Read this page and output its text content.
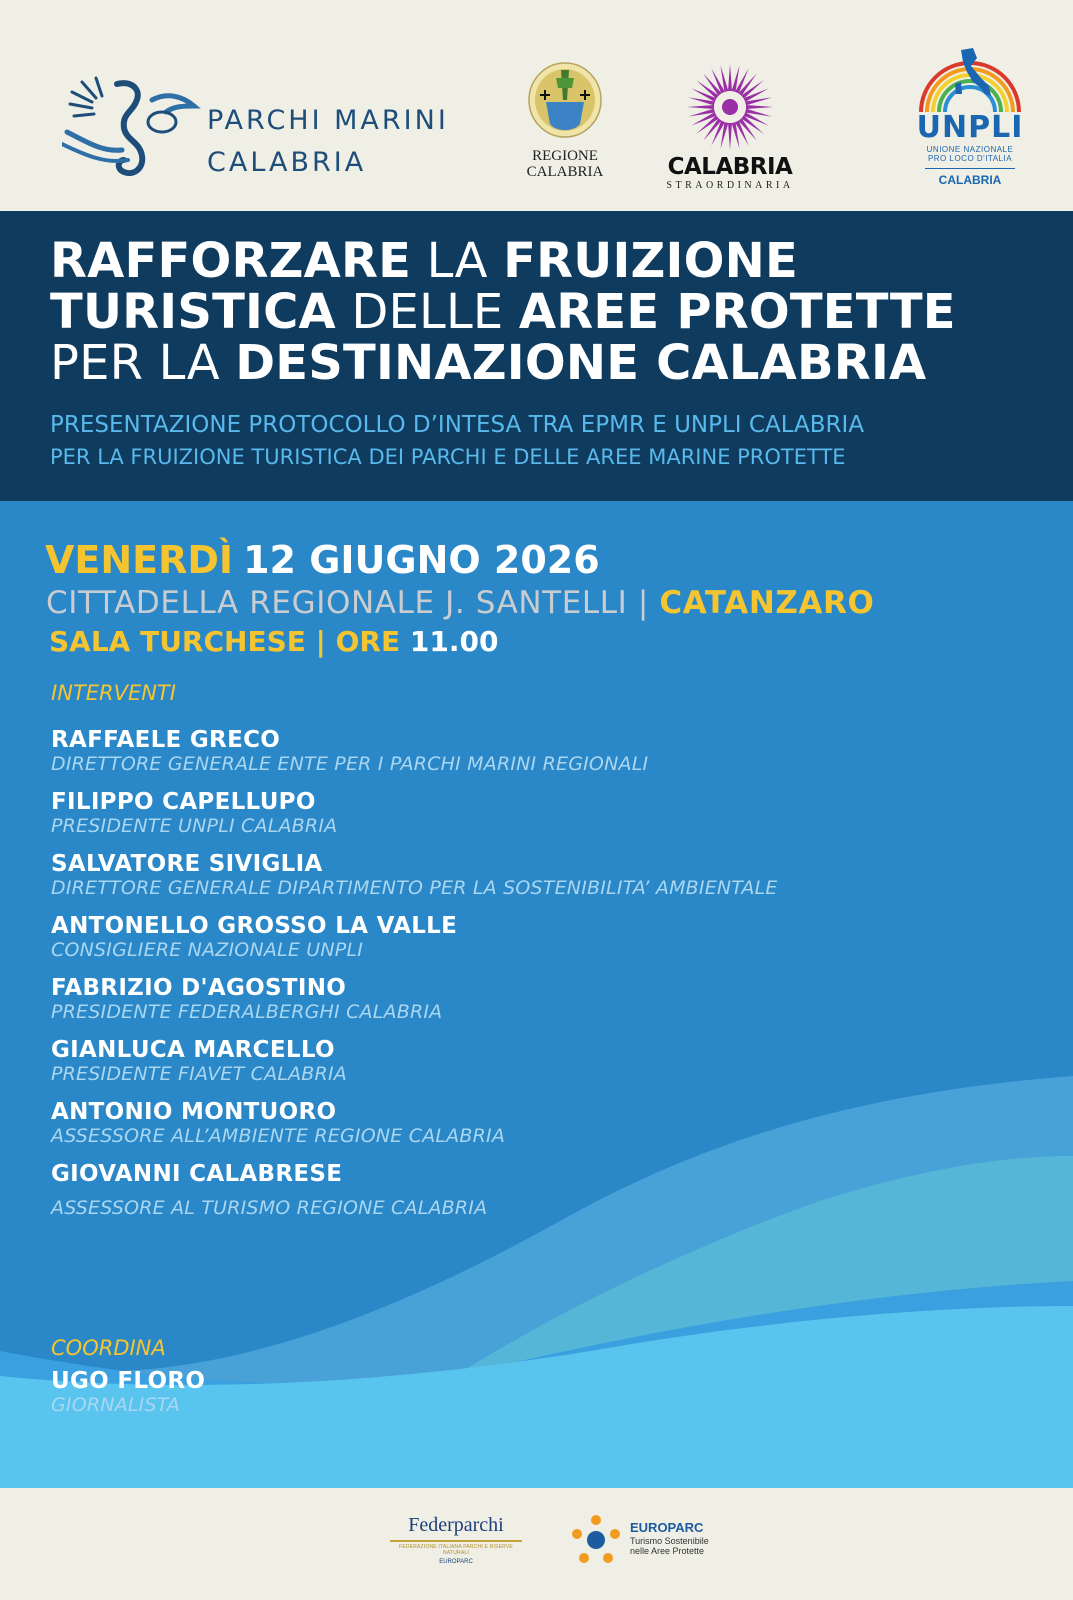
PARCHI MARINI
CALABRIA	REGIONE
CALABRIA	CALABRIA
STRAORDINARIA
UNPLI
UNIONE NAZIONALE
PRO LOCO D'ITALIA
CALABRIA
RAFFORZARE LA FRUIZIONE
TURISTICA DELLE AREE PROTETTE
PER LA DESTINAZIONE CALABRIA
PRESENTAZIONE PROTOCOLLO D’INTESA TRA EPMR E UNPLI CALABRIA
PER LA FRUIZIONE TURISTICA DEI PARCHI E DELLE AREE MARINE PROTETTE
VENERDÌ 12 GIUGNO 2026
CITTADELLA REGIONALE J. SANTELLI | CATANZARO
SALA TURCHESE | ORE 11.00
INTERVENTI
RAFFAELE GRECO
DIRETTORE GENERALE ENTE PER I PARCHI MARINI REGIONALI
FILIPPO CAPELLUPO
PRESIDENTE UNPLI CALABRIA
SALVATORE SIVIGLIA
DIRETTORE GENERALE DIPARTIMENTO PER LA SOSTENIBILITA’ AMBIENTALE
ANTONELLO GROSSO LA VALLE
CONSIGLIERE NAZIONALE UNPLI
FABRIZIO D'AGOSTINO
PRESIDENTE FEDERALBERGHI CALABRIA
GIANLUCA MARCELLO
PRESIDENTE FIAVET CALABRIA
ANTONIO MONTUORO
ASSESSORE ALL’AMBIENTE REGIONE CALABRIA
GIOVANNI CALABRESE
ASSESSORE AL TURISMO REGIONE CALABRIA
COORDINA
UGO FLORO
GIORNALISTA
Federparchi
FEDERAZIONE ITALIANA PARCHI E RISERVE NATURALI
EUROPARC
EUROPARC
Turismo Sostenibile
nelle Aree Protette
